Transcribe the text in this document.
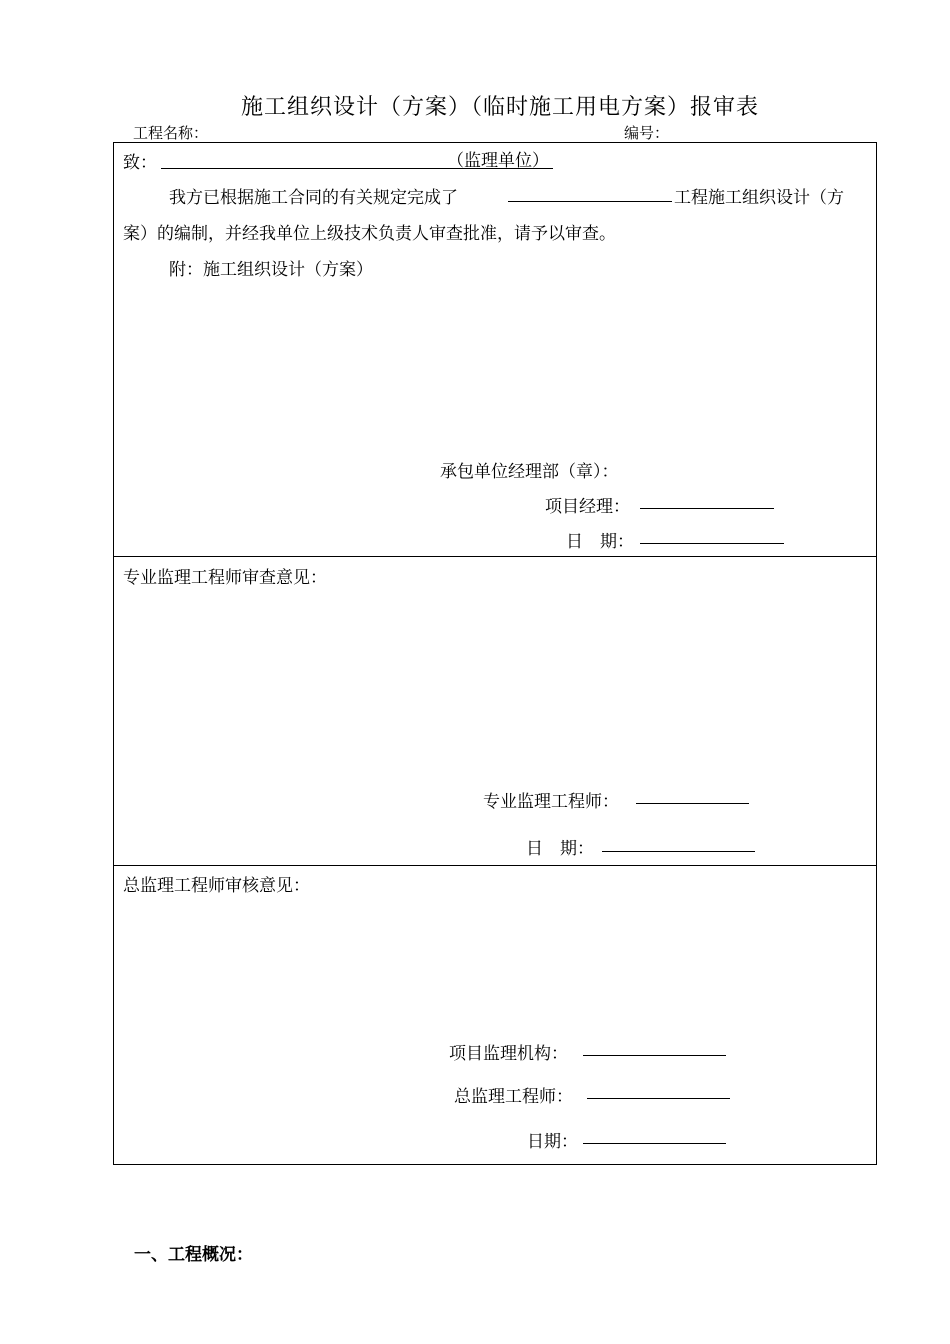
施工组织设计（方案）（临时施工用电方案）报审表
工程名称：	编号：
致：	（监理单位）
我方已根据施工合同的有关规定完成了	工程施工组织设计（方
案）的编制，并经我单位上级技术负责人审查批准，请予以审查。
附：施工组织设计（方案）
承包单位经理部（章）：
项目经理：
日　期：
专业监理工程师审查意见：
专业监理工程师：
日　期：
总监理工程师审核意见：
项目监理机构：
总监理工程师：
日期：
一、工程概况：
